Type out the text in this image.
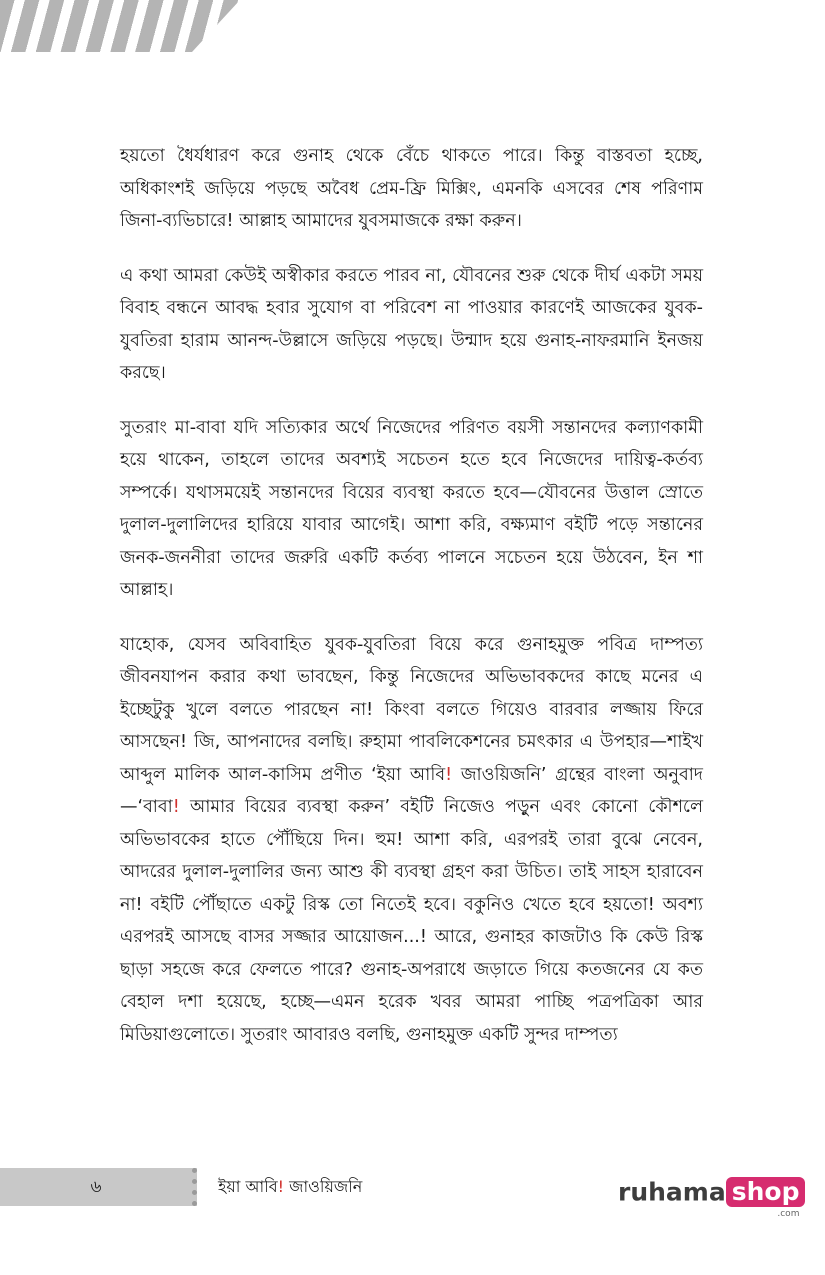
হয়তো ধৈর্যধারণ করে গুনাহ থেকে বেঁচে থাকতে পারে। কিন্তু বাস্তবতা হচ্ছে, অধিকাংশই জড়িয়ে পড়ছে অবৈধ প্রেম-ফ্রি মিক্সিং, এমনকি এসবের শেষ পরিণাম জিনা-ব্যভিচারে! আল্লাহ আমাদের যুবসমাজকে রক্ষা করুন।

এ কথা আমরা কেউই অস্বীকার করতে পারব না, যৌবনের শুরু থেকে দীর্ঘ একটা সময় বিবাহ বন্ধনে আবদ্ধ হবার সুযোগ বা পরিবেশ না পাওয়ার কারণেই আজকের যুবক-যুবতিরা হারাম আনন্দ-উল্লাসে জড়িয়ে পড়ছে। উন্মাদ হয়ে গুনাহ-নাফরমানি ইনজয় করছে।

সুতরাং মা-বাবা যদি সত্যিকার অর্থে নিজেদের পরিণত বয়সী সন্তানদের কল্যাণকামী হয়ে থাকেন, তাহলে তাদের অবশ্যই সচেতন হতে হবে নিজেদের দায়িত্ব-কর্তব্য সম্পর্কে। যথাসময়েই সন্তানদের বিয়ের ব্যবস্থা করতে হবে—যৌবনের উত্তাল স্রোতে দুলাল-দুলালিদের হারিয়ে যাবার আগেই। আশা করি, বক্ষ্যমাণ বইটি পড়ে সন্তানের জনক-জননীরা তাদের জরুরি একটি কর্তব্য পালনে সচেতন হয়ে উঠবেন, ইন শা আল্লাহ।

যাহোক, যেসব অবিবাহিত যুবক-যুবতিরা বিয়ে করে গুনাহমুক্ত পবিত্র দাম্পত্য জীবনযাপন করার কথা ভাবছেন, কিন্তু নিজেদের অভিভাবকদের কাছে মনের এ ইচ্ছেটুকু খুলে বলতে পারছেন না! কিংবা বলতে গিয়েও বারবার লজ্জায় ফিরে আসছেন! জি, আপনাদের বলছি। রুহামা পাবলিকেশনের চমৎকার এ উপহার—শাইখ আব্দুল মালিক আল-কাসিম প্রণীত ‘ইয়া আবি! জাওয়িজনি’ গ্রন্থের বাংলা অনুবাদ—‘বাবা! আমার বিয়ের ব্যবস্থা করুন’ বইটি নিজেও পড়ুন এবং কোনো কৌশলে অভিভাবকের হাতে পৌঁছিয়ে দিন। হুম! আশা করি, এরপরই তারা বুঝে নেবেন, আদরের দুলাল-দুলালির জন্য আশু কী ব্যবস্থা গ্রহণ করা উচিত। তাই সাহস হারাবেন না! বইটি পৌঁছাতে একটু রিস্ক তো নিতেই হবে। বকুনিও খেতে হবে হয়তো! অবশ্য এরপরই আসছে বাসর সজ্জার আয়োজন...! আরে, গুনাহর কাজটাও কি কেউ রিস্ক ছাড়া সহজে করে ফেলতে পারে? গুনাহ-অপরাধে জড়াতে গিয়ে কতজনের যে কত বেহাল দশা হয়েছে, হচ্ছে—এমন হরেক খবর আমরা পাচ্ছি পত্রপত্রিকা আর মিডিয়াগুলোতে। সুতরাং আবারও বলছি, গুনাহমুক্ত একটি সুন্দর দাম্পত্য

৬	ইয়া আবি! জাওয়িজনি	ruhama shop
.com
